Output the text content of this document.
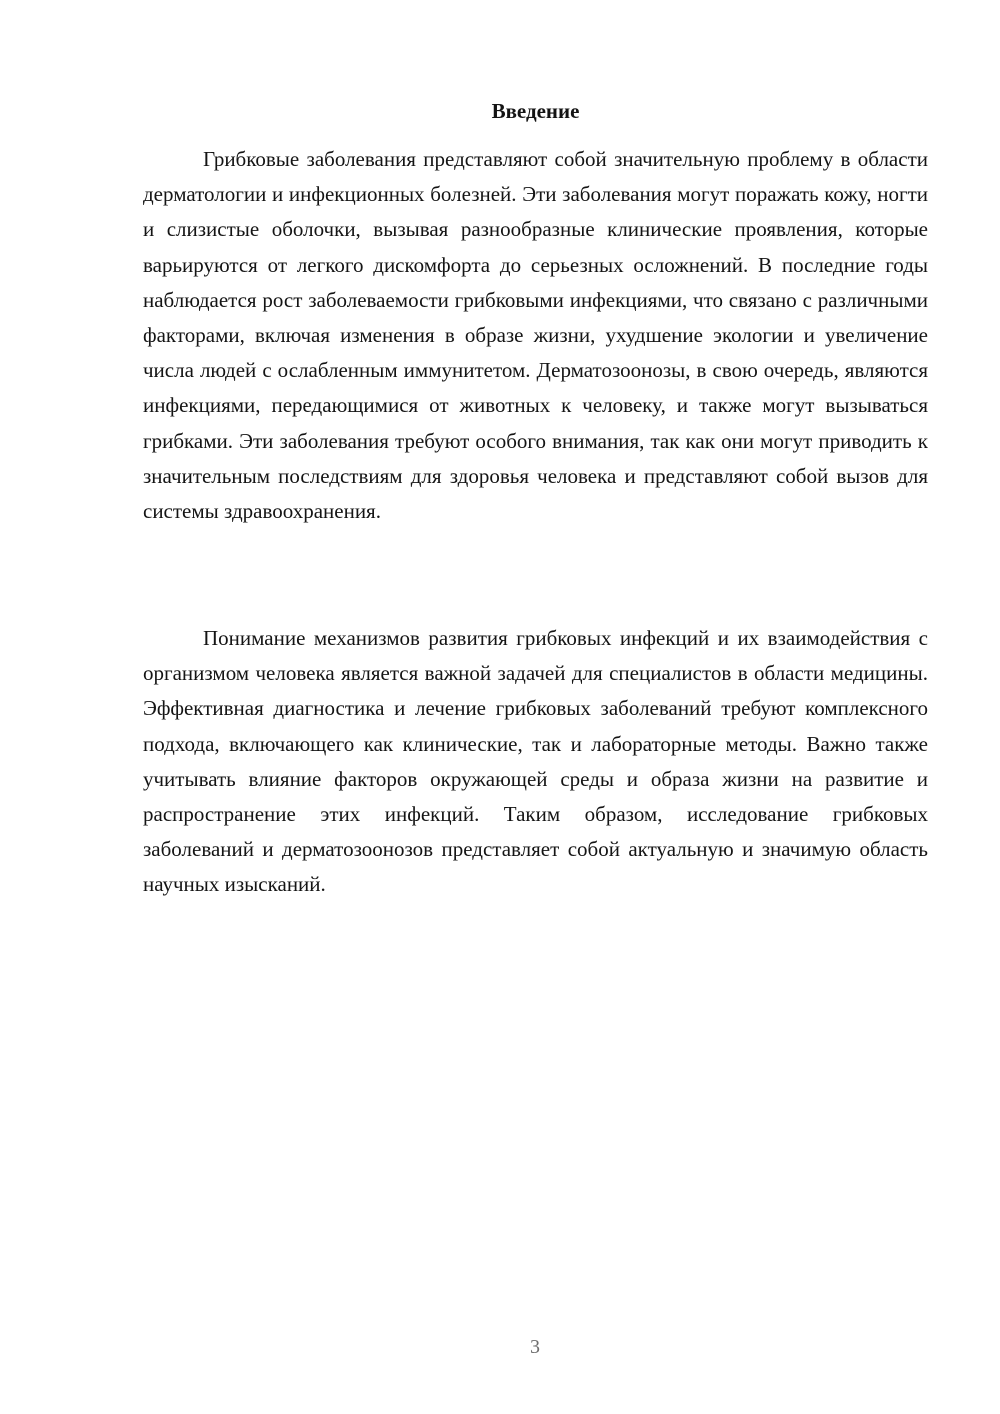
Введение

Грибковые заболевания представляют собой значительную проблему в области дерматологии и инфекционных болезней. Эти заболевания могут поражать кожу, ногти и слизистые оболочки, вызывая разнообразные клинические проявления, которые варьируются от легкого дискомфорта до серьезных осложнений. В последние годы наблюдается рост заболеваемости грибковыми инфекциями, что связано с различными факторами, включая изменения в образе жизни, ухудшение экологии и увеличение числа людей с ослабленным иммунитетом. Дерматозоонозы, в свою очередь, являются инфекциями, передающимися от животных к человеку, и также могут вызываться грибками. Эти заболевания требуют особого внимания, так как они могут приводить к значительным последствиям для здоровья человека и представляют собой вызов для системы здравоохранения.

Понимание механизмов развития грибковых инфекций и их взаимодействия с организмом человека является важной задачей для специалистов в области медицины. Эффективная диагностика и лечение грибковых заболеваний требуют комплексного подхода, включающего как клинические, так и лабораторные методы. Важно также учитывать влияние факторов окружающей среды и образа жизни на развитие и распространение этих инфекций. Таким образом, исследование грибковых заболеваний и дерматозоонозов представляет собой актуальную и значимую область научных изысканий.

3
